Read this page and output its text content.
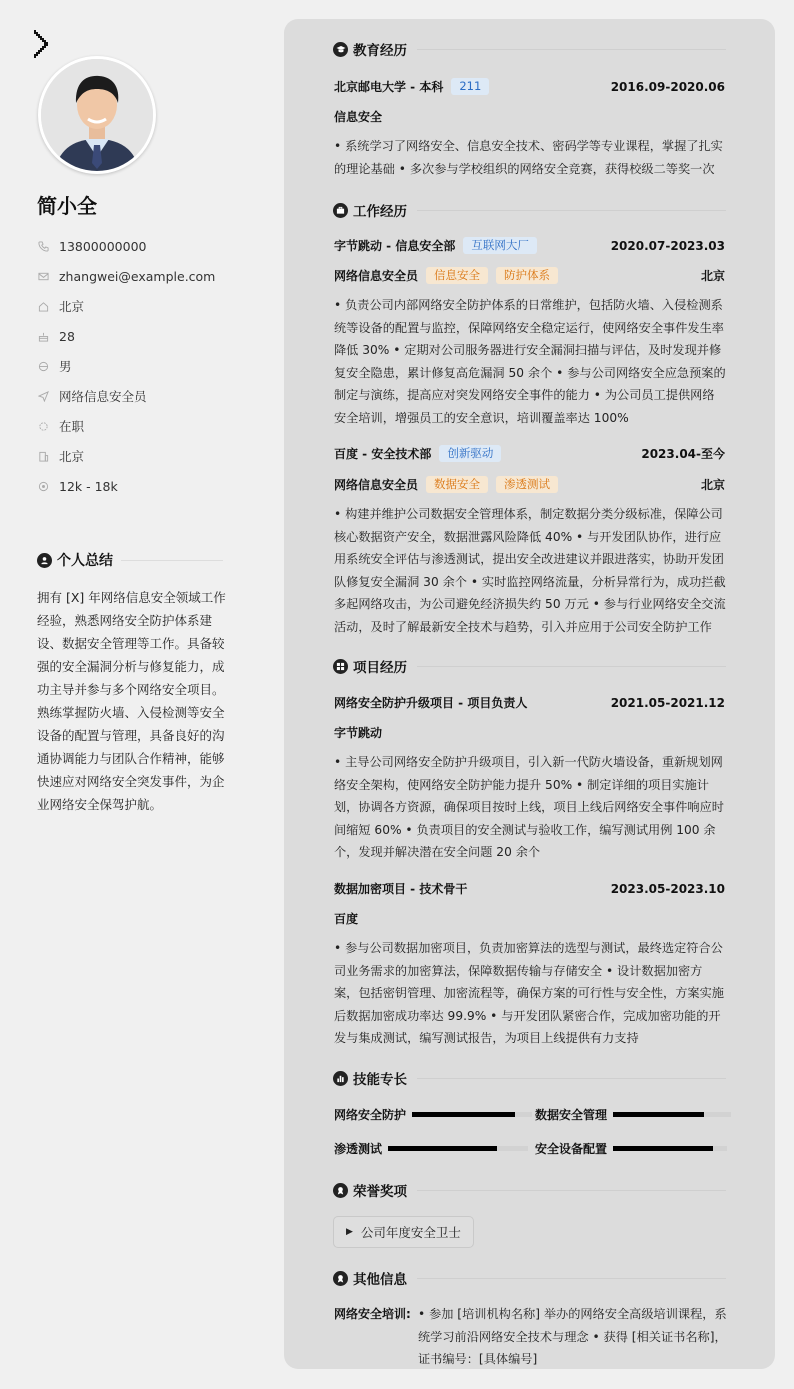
简小全
13800000000
zhangwei@example.com
北京
28
男
网络信息安全员
在职
北京
12k - 18k
个人总结

拥有 [X] 年网络信息安全领域工作经验，熟悉网络安全防护体系建设、数据安全管理等工作。具备较强的安全漏洞分析与修复能力，成功主导并参与多个网络安全项目。熟练掌握防火墙、入侵检测等安全设备的配置与管理，具备良好的沟通协调能力与团队合作精神，能够快速应对网络安全突发事件，为企业网络安全保驾护航。

教育经历
北京邮电大学 - 本科	211	2016.09-2020.06
信息安全

• 系统学习了网络安全、信息安全技术、密码学等专业课程，掌握了扎实的理论基础 • 多次参与学校组织的网络安全竞赛，获得校级二等奖一次

工作经历
字节跳动 - 信息安全部	互联网大厂	2020.07-2023.03
网络信息安全员	信息安全	防护体系	北京

• 负责公司内部网络安全防护体系的日常维护，包括防火墙、入侵检测系统等设备的配置与监控，保障网络安全稳定运行，使网络安全事件发生率降低 30% • 定期对公司服务器进行安全漏洞扫描与评估，及时发现并修复安全隐患，累计修复高危漏洞 50 余个 • 参与公司网络安全应急预案的制定与演练，提高应对突发网络安全事件的能力 • 为公司员工提供网络安全培训，增强员工的安全意识，培训覆盖率达 100%

百度 - 安全技术部	创新驱动	2023.04-至今
网络信息安全员	数据安全	渗透测试	北京

• 构建并维护公司数据安全管理体系，制定数据分类分级标准，保障公司核心数据资产安全，数据泄露风险降低 40% • 与开发团队协作，进行应用系统安全评估与渗透测试，提出安全改进建议并跟进落实，协助开发团队修复安全漏洞 30 余个 • 实时监控网络流量，分析异常行为，成功拦截多起网络攻击，为公司避免经济损失约 50 万元 • 参与行业网络安全交流活动，及时了解最新安全技术与趋势，引入并应用于公司安全防护工作

项目经历
网络安全防护升级项目 - 项目负责人	2021.05-2021.12
字节跳动

• 主导公司网络安全防护升级项目，引入新一代防火墙设备，重新规划网络安全架构，使网络安全防护能力提升 50% • 制定详细的项目实施计划，协调各方资源，确保项目按时上线，项目上线后网络安全事件响应时间缩短 60% • 负责项目的安全测试与验收工作，编写测试用例 100 余个，发现并解决潜在安全问题 20 余个

数据加密项目 - 技术骨干	2023.05-2023.10
百度

• 参与公司数据加密项目，负责加密算法的选型与测试，最终选定符合公司业务需求的加密算法，保障数据传输与存储安全 • 设计数据加密方案，包括密钥管理、加密流程等，确保方案的可行性与安全性，方案实施后数据加密成功率达 99.9% • 与开发团队紧密合作，完成加密功能的开发与集成测试，编写测试报告，为项目上线提供有力支持

技能专长
网络安全防护	数据安全管理
渗透测试	安全设备配置
荣誉奖项
▶ 公司年度安全卫士
其他信息
网络安全培训: • 参加 [培训机构名称] 举办的网络安全高级培训课程，系统学习前沿网络安全技术与理念 • 获得 [相关证书名称]，证书编号：[具体编号]
